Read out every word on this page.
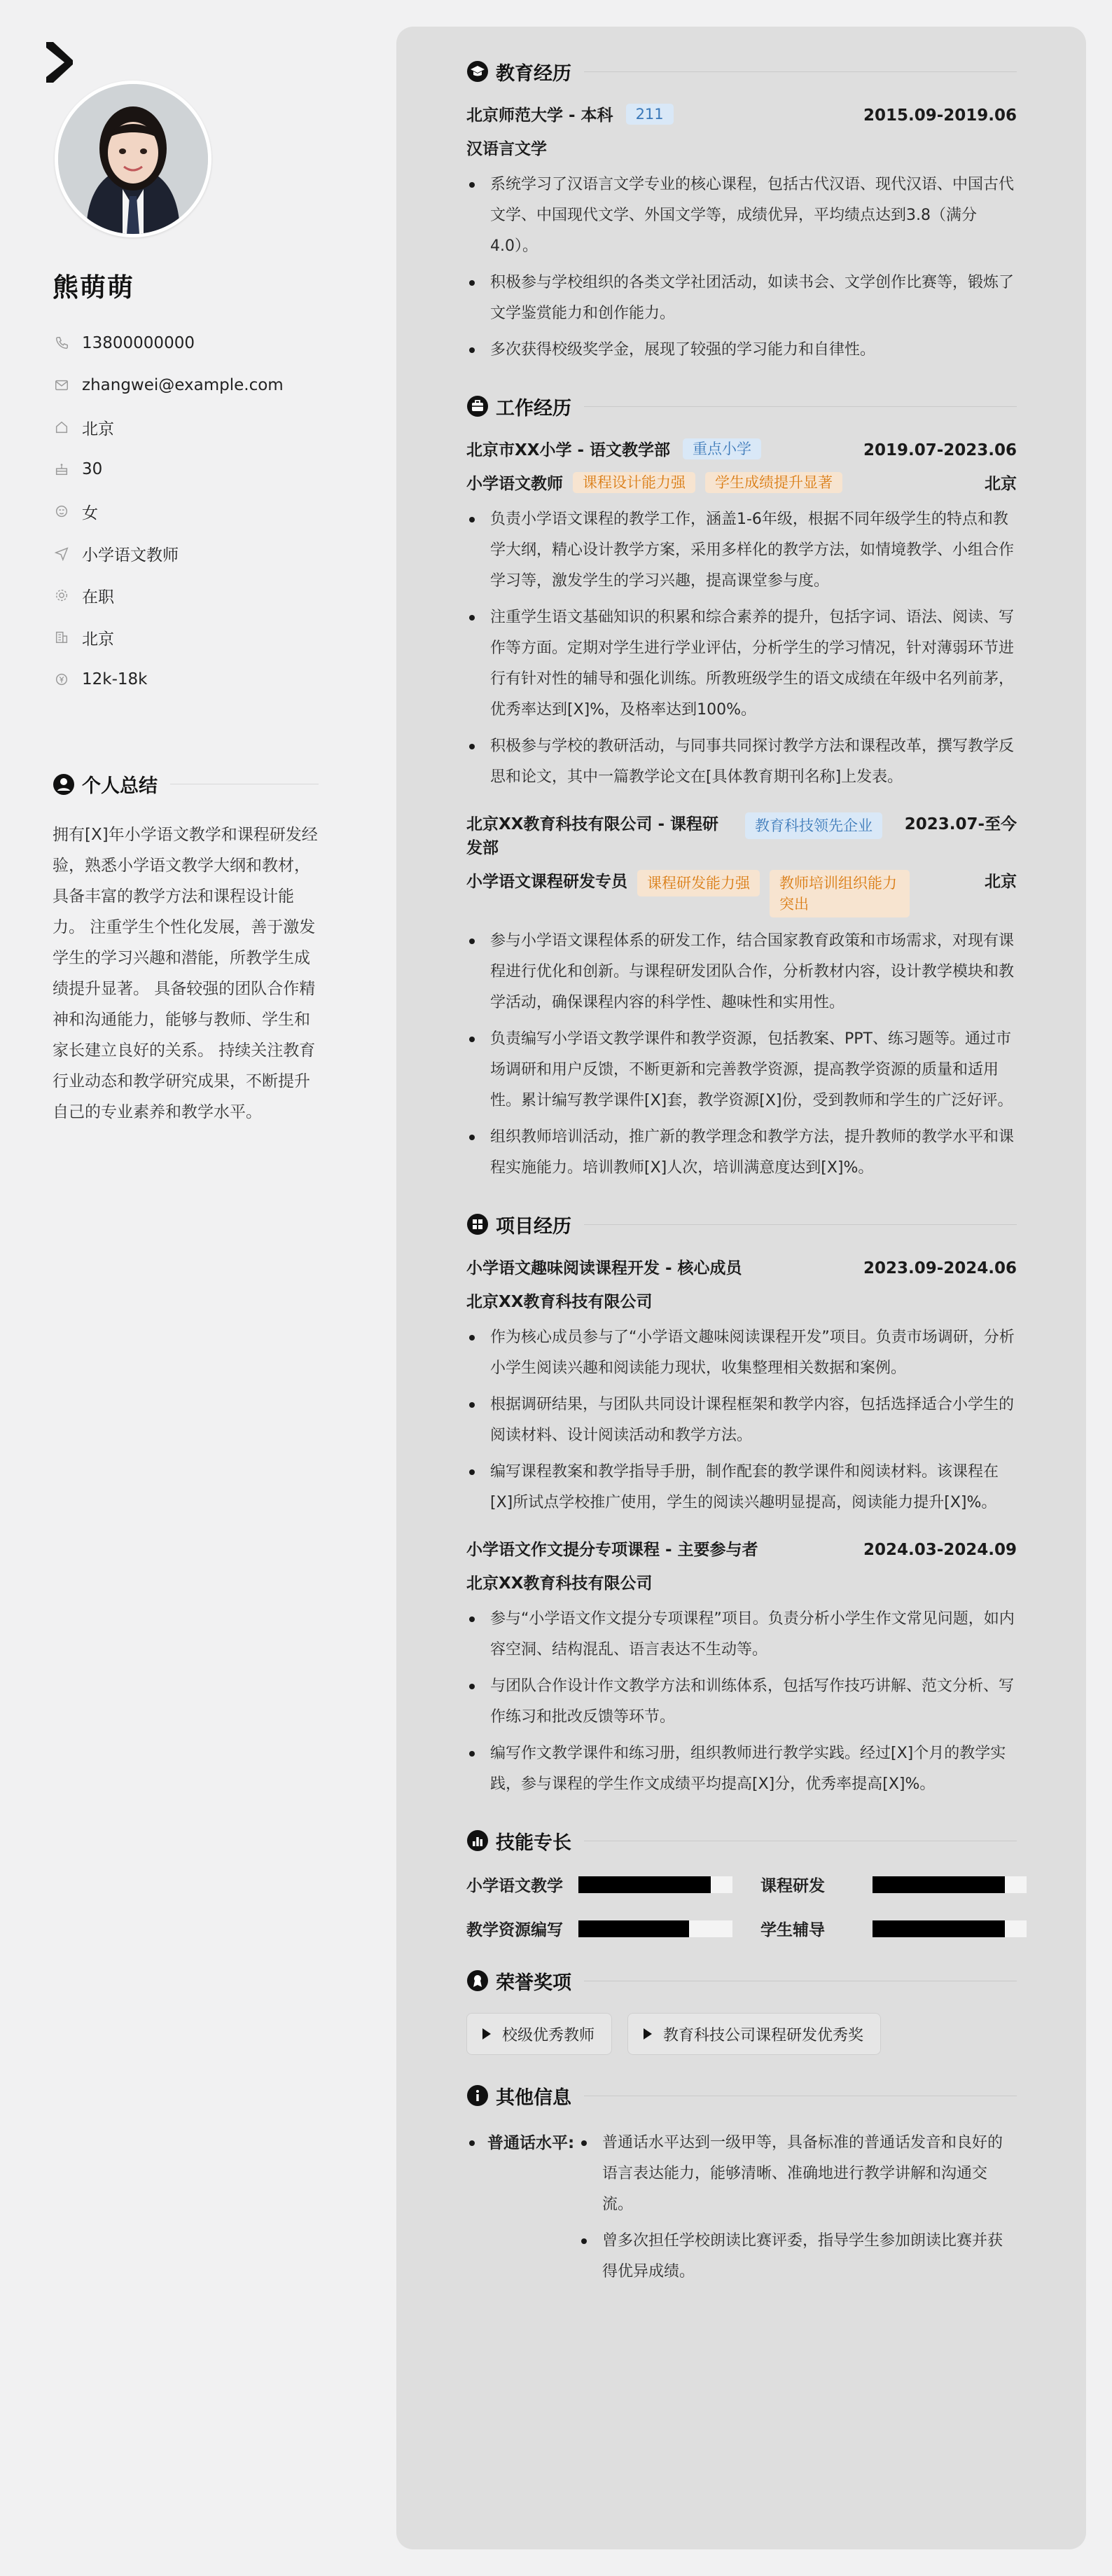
熊萌萌
13800000000
zhangwei@example.com
北京
30
女
小学语文教师
在职
北京
12k-18k
个人总结
拥有[X]年小学语文教学和课程研发经验，熟悉小学语文教学大纲和教材，具备丰富的教学方法和课程设计能力。 注重学生个性化发展，善于激发学生的学习兴趣和潜能，所教学生成绩提升显著。 具备较强的团队合作精神和沟通能力，能够与教师、学生和家长建立良好的关系。 持续关注教育行业动态和教学研究成果，不断提升自己的专业素养和教学水平。
教育经历
北京师范大学 - 本科	211	2015.09-2019.06
汉语言文学
系统学习了汉语言文学专业的核心课程，包括古代汉语、现代汉语、中国古代文学、中国现代文学、外国文学等，成绩优异，平均绩点达到3.8（满分4.0）。
积极参与学校组织的各类文学社团活动，如读书会、文学创作比赛等，锻炼了文学鉴赏能力和创作能力。
多次获得校级奖学金，展现了较强的学习能力和自律性。
工作经历
北京市XX小学 - 语文教学部	重点小学	2019.07-2023.06
小学语文教师	课程设计能力强	学生成绩提升显著	北京
负责小学语文课程的教学工作，涵盖1-6年级，根据不同年级学生的特点和教学大纲，精心设计教学方案，采用多样化的教学方法，如情境教学、小组合作学习等，激发学生的学习兴趣，提高课堂参与度。
注重学生语文基础知识的积累和综合素养的提升，包括字词、语法、阅读、写作等方面。定期对学生进行学业评估，分析学生的学习情况，针对薄弱环节进行有针对性的辅导和强化训练。所教班级学生的语文成绩在年级中名列前茅，优秀率达到[X]%，及格率达到100%。
积极参与学校的教研活动，与同事共同探讨教学方法和课程改革，撰写教学反思和论文，其中一篇教学论文在[具体教育期刊名称]上发表。
北京XX教育科技有限公司 - 课程研发部
教育科技领先企业	2023.07-至今
小学语文课程研发专员	课程研发能力强	教师培训组织能力突出
北京
参与小学语文课程体系的研发工作，结合国家教育政策和市场需求，对现有课程进行优化和创新。与课程研发团队合作，分析教材内容，设计教学模块和教学活动，确保课程内容的科学性、趣味性和实用性。
负责编写小学语文教学课件和教学资源，包括教案、PPT、练习题等。通过市场调研和用户反馈，不断更新和完善教学资源，提高教学资源的质量和适用性。累计编写教学课件[X]套，教学资源[X]份，受到教师和学生的广泛好评。
组织教师培训活动，推广新的教学理念和教学方法，提升教师的教学水平和课程实施能力。培训教师[X]人次，培训满意度达到[X]%。
项目经历
小学语文趣味阅读课程开发 - 核心成员	2023.09-2024.06
北京XX教育科技有限公司
作为核心成员参与了“小学语文趣味阅读课程开发”项目。负责市场调研，分析小学生阅读兴趣和阅读能力现状，收集整理相关数据和案例。
根据调研结果，与团队共同设计课程框架和教学内容，包括选择适合小学生的阅读材料、设计阅读活动和教学方法。
编写课程教案和教学指导手册，制作配套的教学课件和阅读材料。该课程在[X]所试点学校推广使用，学生的阅读兴趣明显提高，阅读能力提升[X]%。
小学语文作文提分专项课程 - 主要参与者	2024.03-2024.09
北京XX教育科技有限公司
参与“小学语文作文提分专项课程”项目。负责分析小学生作文常见问题，如内容空洞、结构混乱、语言表达不生动等。
与团队合作设计作文教学方法和训练体系，包括写作技巧讲解、范文分析、写作练习和批改反馈等环节。
编写作文教学课件和练习册，组织教师进行教学实践。经过[X]个月的教学实践，参与课程的学生作文成绩平均提高[X]分，优秀率提高[X]%。
技能专长
小学语文教学	课程研发
教学资源编写	学生辅导
荣誉奖项
校级优秀教师	教育科技公司课程研发优秀奖
其他信息
普通话水平:	普通话水平达到一级甲等，具备标准的普通话发音和良好的语言表达能力，能够清晰、准确地进行教学讲解和沟通交流。
曾多次担任学校朗读比赛评委，指导学生参加朗读比赛并获得优异成绩。
